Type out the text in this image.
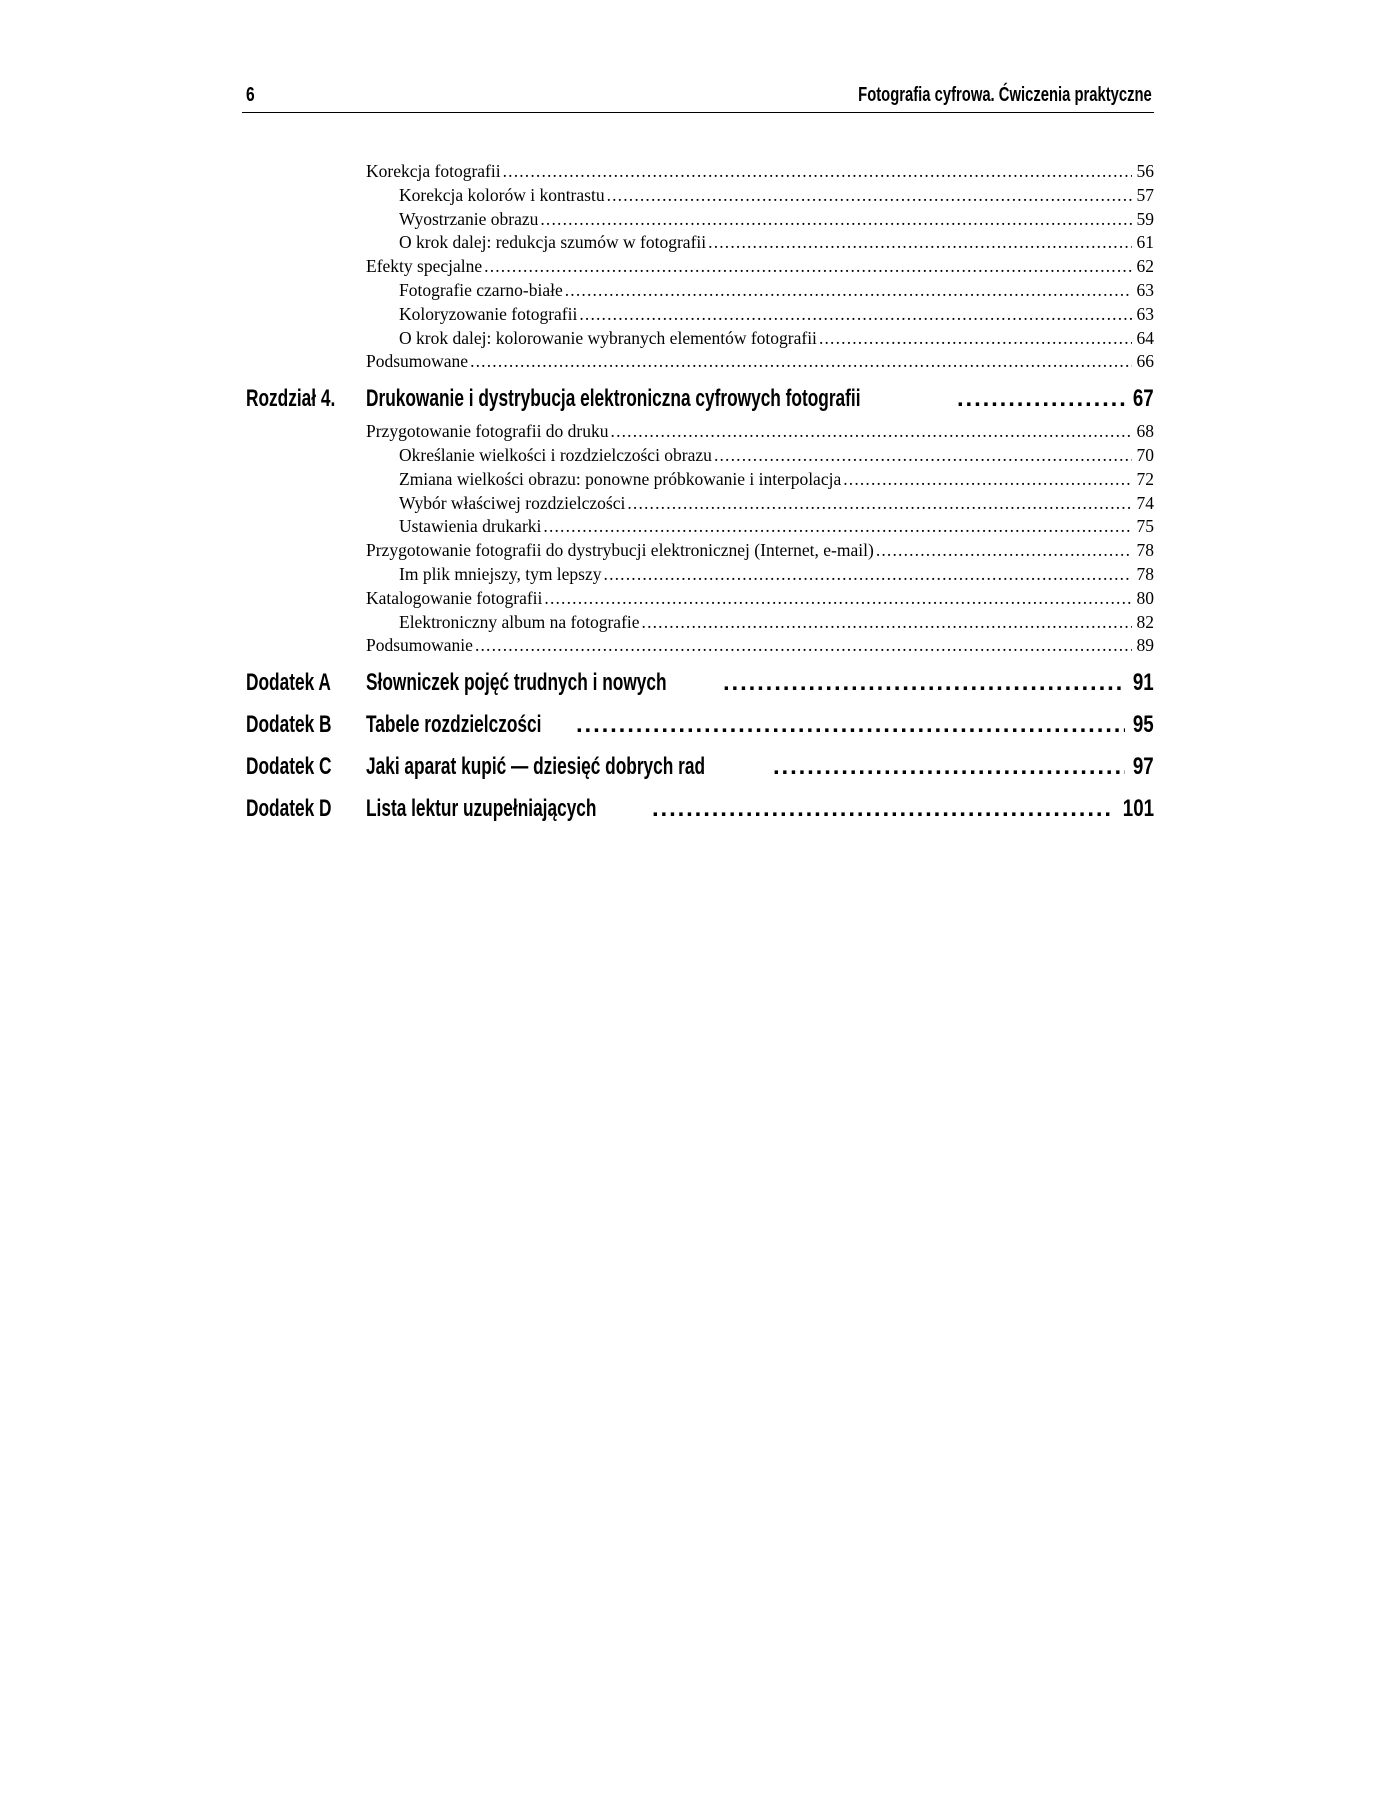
6	Fotografia cyfrowa. Ćwiczenia praktyczne
Korekcja fotografii . . .	56
Korekcja kolorów i kontrastu . . .	57
Wyostrzanie obrazu . . .	59
O krok dalej: redukcja szumów w fotografii . . .	61
Efekty specjalne . . .	62
Fotografie czarno-białe . . .	63
Koloryzowanie fotografii . . .	63
O krok dalej: kolorowanie wybranych elementów fotografii . . .	64
Podsumowane . . .	66
Rozdział 4. Drukowanie i dystrybucja elektroniczna cyfrowych fotografii . . .	67
Przygotowanie fotografii do druku . . .	68
Określanie wielkości i rozdzielczości obrazu . . .	70
Zmiana wielkości obrazu: ponowne próbkowanie i interpolacja . . .	72
Wybór właściwej rozdzielczości . . .	74
Ustawienia drukarki . . .	75
Przygotowanie fotografii do dystrybucji elektronicznej (Internet, e-mail) . . .	78
Im plik mniejszy, tym lepszy . . .	78
Katalogowanie fotografii . . .	80
Elektroniczny album na fotografie . . .	82
Podsumowanie . . .	89
Dodatek A Słowniczek pojęć trudnych i nowych . . .	91
Dodatek B Tabele rozdzielczości . . .	95
Dodatek C Jaki aparat kupić — dziesięć dobrych rad . . .	97
Dodatek D Lista lektur uzupełniających . . .	101
